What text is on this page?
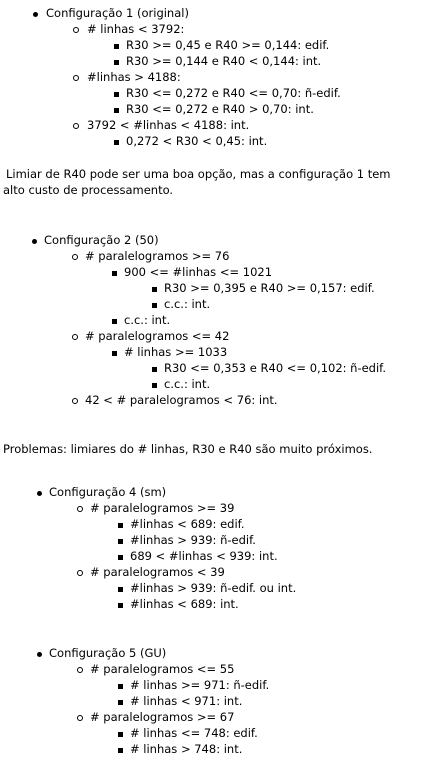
Configuração 1 (original)
# linhas < 3792:
R30 >= 0,45 e R40 >= 0,144: edif.
R30 >= 0,144 e R40 < 0,144: int.
#linhas > 4188:
R30 <= 0,272 e R40 <= 0,70: ñ-edif.
R30 <= 0,272 e R40 > 0,70: int.
3792 < #linhas < 4188: int.
0,272 < R30 < 0,45: int.
Limiar de R40 pode ser uma boa opção, mas a configuração 1 tem
alto custo de processamento.
Configuração 2 (50)
# paralelogramos >= 76
900 <= #linhas <= 1021
R30 >= 0,395 e R40 >= 0,157: edif.
c.c.: int.
c.c.: int.
# paralelogramos <= 42
# linhas >= 1033
R30 <= 0,353 e R40 <= 0,102: ñ-edif.
c.c.: int.
42 < # paralelogramos < 76: int.
Problemas: limiares do # linhas, R30 e R40 são muito próximos.
Configuração 4 (sm)
# paralelogramos >= 39
#linhas < 689: edif.
#linhas > 939: ñ-edif.
689 < #linhas < 939: int.
# paralelogramos < 39
#linhas > 939: ñ-edif. ou int.
#linhas < 689: int.
Configuração 5 (GU)
# paralelogramos <= 55
# linhas >= 971: ñ-edif.
# linhas < 971: int.
# paralelogramos >= 67
# linhas <= 748: edif.
# linhas > 748: int.
